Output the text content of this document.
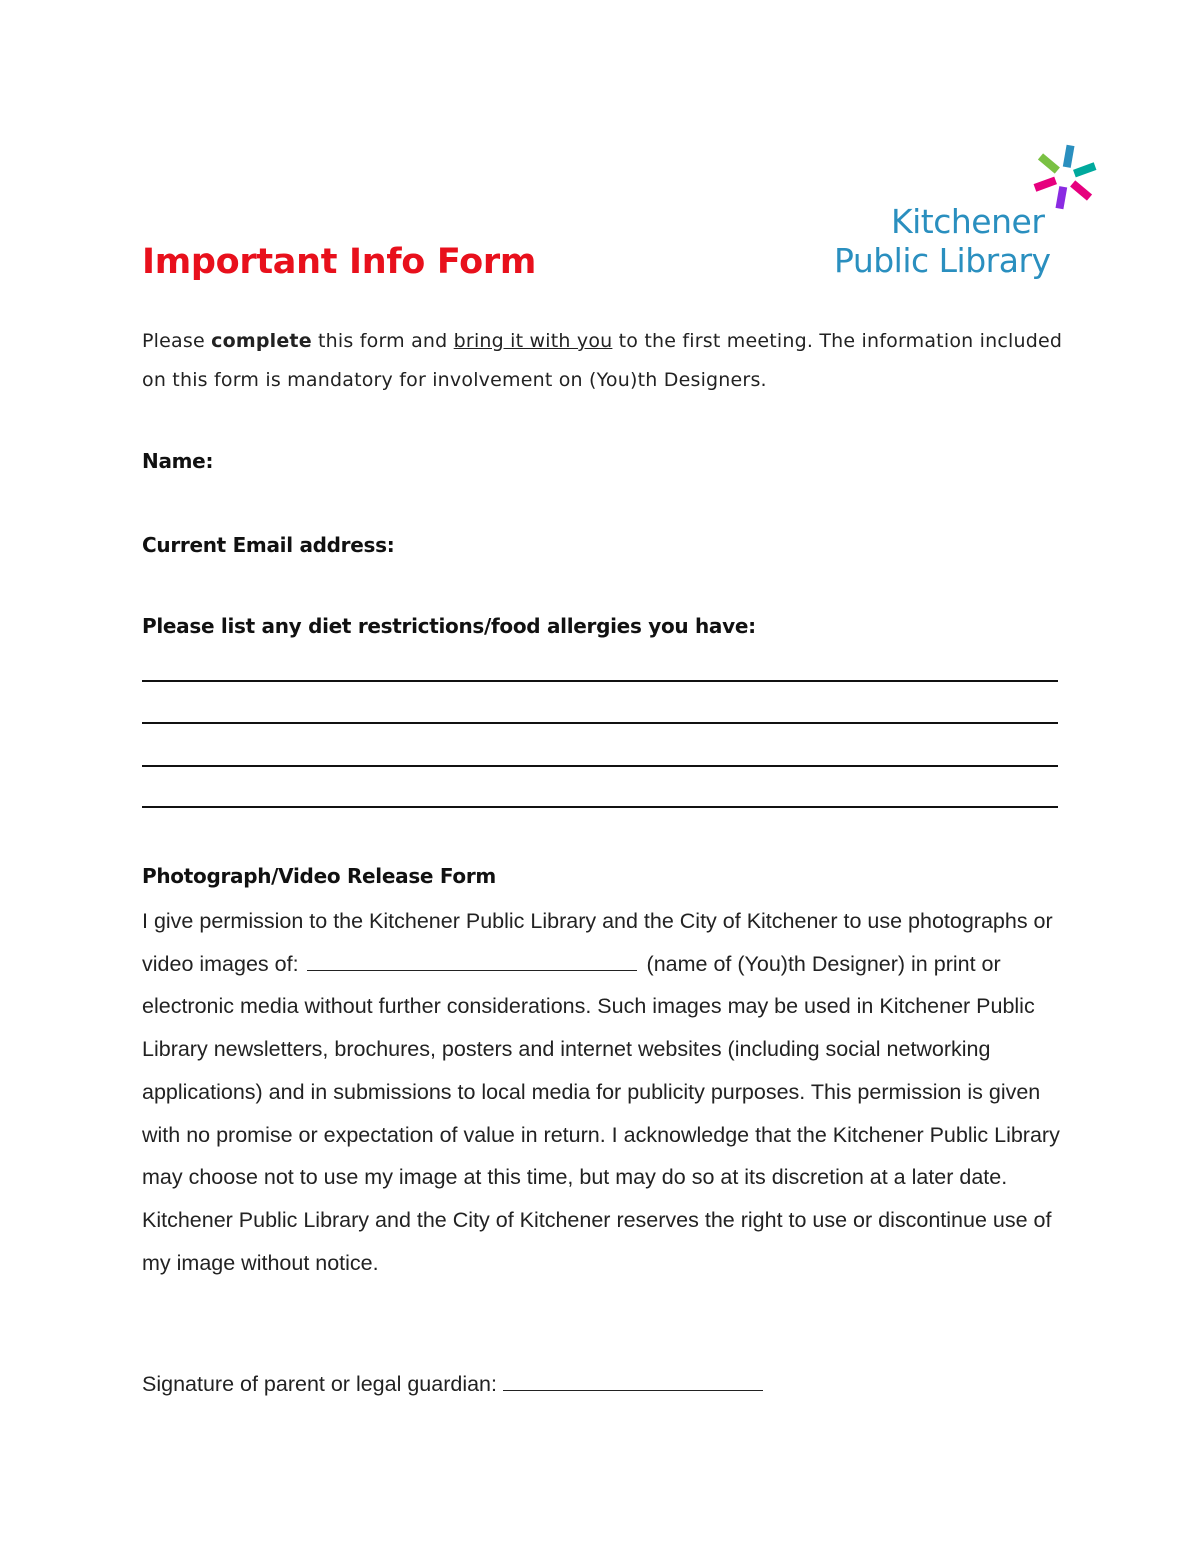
Kitchener
Public Library
Important Info Form
Please complete this form and bring it with you to the first meeting. The information included on this form is mandatory for involvement on (You)th Designers.
Name:
Current Email address:
Please list any diet restrictions/food allergies you have:
Photograph/Video Release Form
I give permission to the Kitchener Public Library and the City of Kitchener to use photographs or video images of:	(name of (You)th Designer) in print or electronic media without further considerations. Such images may be used in Kitchener Public Library newsletters, brochures, posters and internet websites (including social networking applications) and in submissions to local media for publicity purposes. This permission is given with no promise or expectation of value in return. I acknowledge that the Kitchener Public Library may choose not to use my image at this time, but may do so at its discretion at a later date. Kitchener Public Library and the City of Kitchener reserves the right to use or discontinue use of my image without notice.
Signature of parent or legal guardian:
